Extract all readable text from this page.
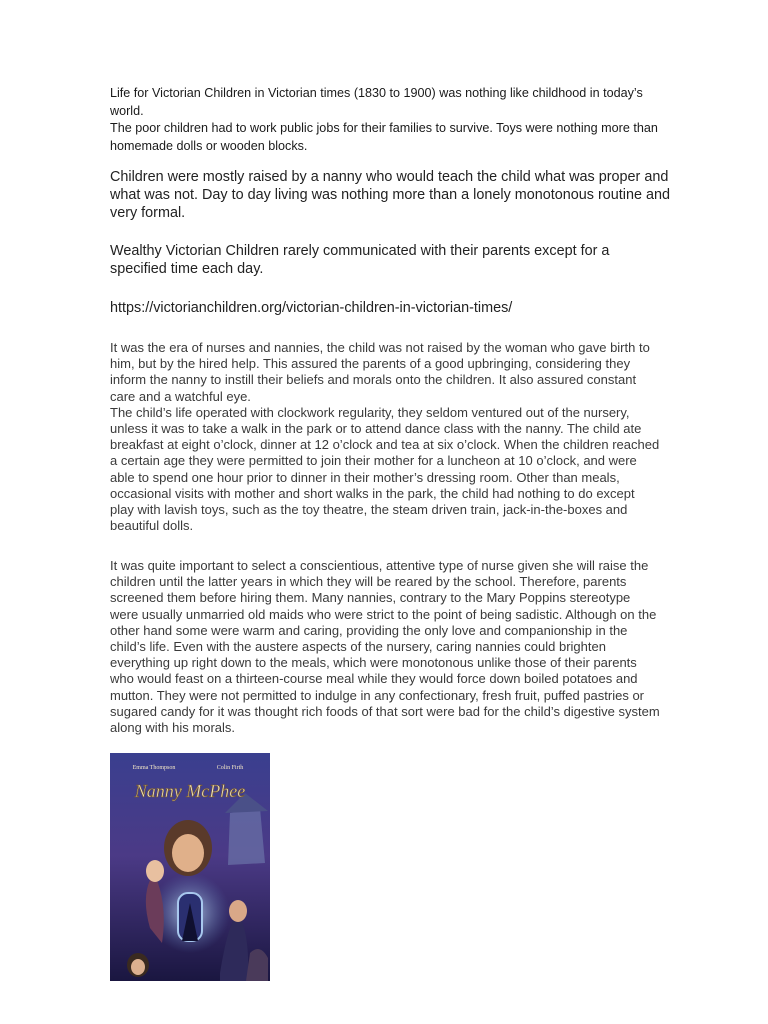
Life for Victorian Children in Victorian times (1830 to 1900) was nothing like childhood in today’s world.
The poor children had to work public jobs for their families to survive. Toys were nothing more than homemade dolls or wooden blocks.

Children were mostly raised by a nanny who would teach the child what was proper and what was not. Day to day living was nothing more than a lonely monotonous routine and very formal.

Wealthy Victorian Children rarely communicated with their parents except for a specified time each day.

https://victorianchildren.org/victorian-children-in-victorian-times/

It was the era of nurses and nannies, the child was not raised by the woman who gave birth to him, but by the hired help. This assured the parents of a good upbringing, considering they inform the nanny to instill their beliefs and morals onto the children. It also assured constant care and a watchful eye.
The child’s life operated with clockwork regularity, they seldom ventured out of the nursery, unless it was to take a walk in the park or to attend dance class with the nanny. The child ate breakfast at eight o’clock, dinner at 12 o’clock and tea at six o’clock. When the children reached a certain age they were permitted to join their mother for a luncheon at 10 o’clock, and were able to spend one hour prior to dinner in their mother’s dressing room. Other than meals, occasional visits with mother and short walks in the park, the child had nothing to do except play with lavish toys, such as the toy theatre, the steam driven train, jack-in-the-boxes and beautiful dolls.

It was quite important to select a conscientious, attentive type of nurse given she will raise the children until the latter years in which they will be reared by the school. Therefore, parents screened them before hiring them. Many nannies, contrary to the Mary Poppins stereotype were usually unmarried old maids who were strict to the point of being sadistic. Although on the other hand some were warm and caring, providing the only love and companionship in the child’s life. Even with the austere aspects of the nursery, caring nannies could brighten everything up right down to the meals, which were monotonous unlike those of their parents who would feast on a thirteen-course meal while they would force down boiled potatoes and mutton. They were not permitted to indulge in any confectionary, fresh fruit, puffed pastries or sugared candy for it was thought rich foods of that sort were bad for the child’s digestive system along with his morals.

Nanny McPhee
Emma Thompson	Colin Firth
